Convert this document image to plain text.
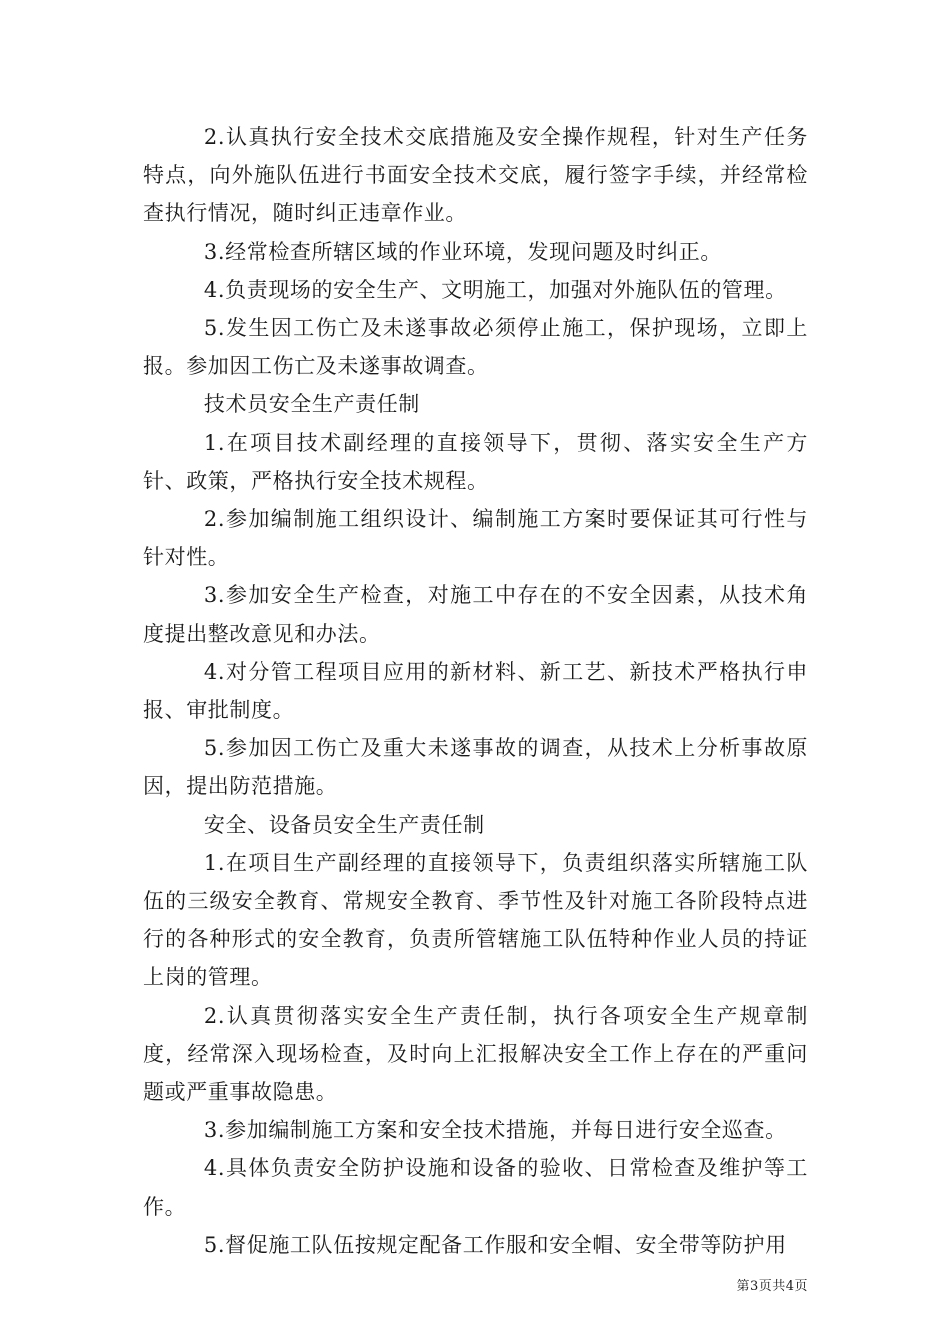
2.认真执行安全技术交底措施及安全操作规程，针对生产任务特点，向外施队伍进行书面安全技术交底，履行签字手续，并经常检查执行情况，随时纠正违章作业。

3.经常检查所辖区域的作业环境，发现问题及时纠正。

4.负责现场的安全生产、文明施工，加强对外施队伍的管理。

5.发生因工伤亡及未遂事故必须停止施工，保护现场，立即上报。参加因工伤亡及未遂事故调查。

技术员安全生产责任制

1.在项目技术副经理的直接领导下，贯彻、落实安全生产方针、政策，严格执行安全技术规程。

2.参加编制施工组织设计、编制施工方案时要保证其可行性与针对性。

3.参加安全生产检查，对施工中存在的不安全因素，从技术角度提出整改意见和办法。

4.对分管工程项目应用的新材料、新工艺、新技术严格执行申报、审批制度。

5.参加因工伤亡及重大未遂事故的调查，从技术上分析事故原因，提出防范措施。

安全、设备员安全生产责任制

1.在项目生产副经理的直接领导下，负责组织落实所辖施工队伍的三级安全教育、常规安全教育、季节性及针对施工各阶段特点进行的各种形式的安全教育，负责所管辖施工队伍特种作业人员的持证上岗的管理。

2.认真贯彻落实安全生产责任制，执行各项安全生产规章制度，经常深入现场检查，及时向上汇报解决安全工作上存在的严重问题或严重事故隐患。

3.参加编制施工方案和安全技术措施，并每日进行安全巡查。

4.具体负责安全防护设施和设备的验收、日常检查及维护等工作。

5.督促施工队伍按规定配备工作服和安全帽、安全带等防护用

第3页共4页
